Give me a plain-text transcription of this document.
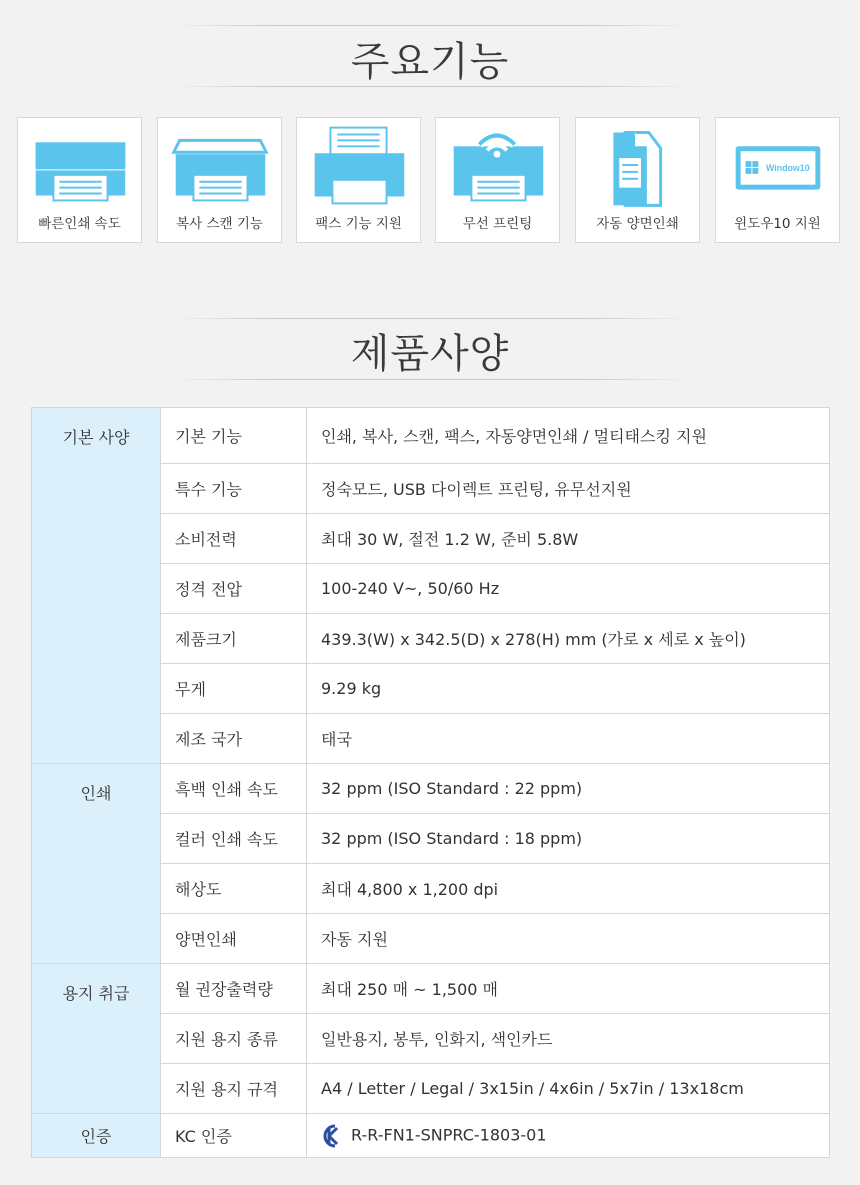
주요기능
빠른인쇄 속도	복사 스캔 기능	팩스 기능 지원	무선 프린팅	자동 양면인쇄
Window10
윈도우10 지원
제품사양
기본 사양	기본 기능	인쇄, 복사, 스캔, 팩스, 자동양면인쇄 / 멀티태스킹 지원
	특수 기능	정숙모드, USB 다이렉트 프린팅, 유무선지원
	소비전력	최대 30 W, 절전 1.2 W, 준비 5.8W
	정격 전압	100-240 V~, 50/60 Hz
	제품크기	439.3(W) x 342.5(D) x 278(H) mm (가로 x 세로 x 높이)
	무게	9.29 kg
	제조 국가	태국
인쇄	흑백 인쇄 속도	32 ppm (ISO Standard : 22 ppm)
	컬러 인쇄 속도	32 ppm (ISO Standard : 18 ppm)
	해상도	최대 4,800 x 1,200 dpi
	양면인쇄	자동 지원
용지 취급	월 권장출력량	최대 250 매 ~ 1,500 매
	지원 용지 종류	일반용지, 봉투, 인화지, 색인카드
	지원 용지 규격	A4 / Letter / Legal / 3x15in / 4x6in / 5x7in / 13x18cm
인증	KC 인증	R-R-FN1-SNPRC-1803-01
